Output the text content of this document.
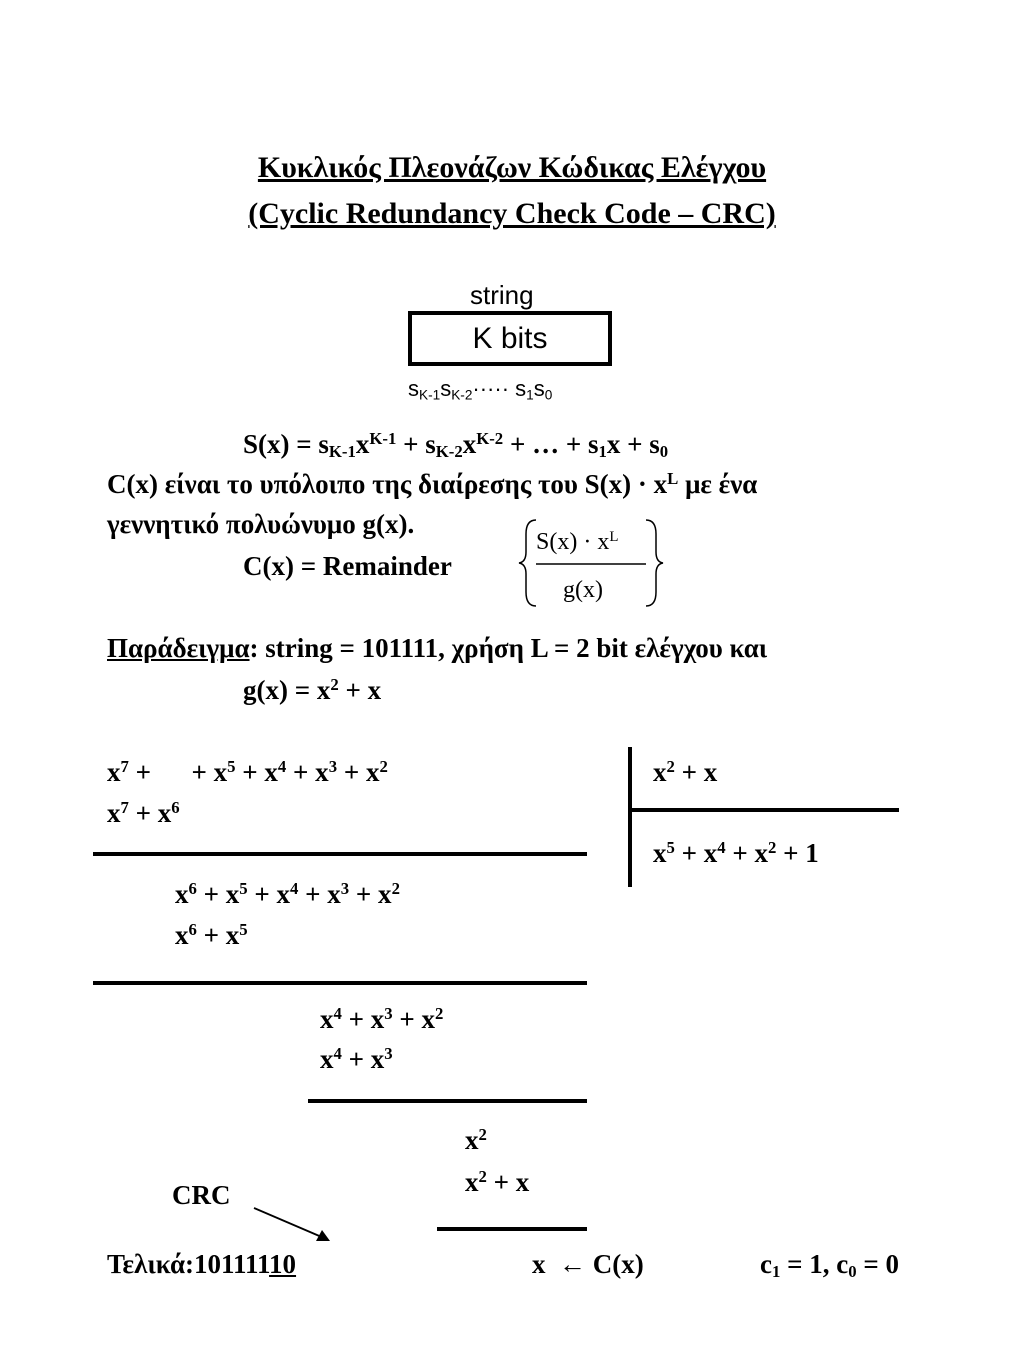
Κυκλικός Πλεονάζων Κώδικας Ελέγχου
(Cyclic Redundancy Check Code – CRC)
string
K bits
$s_{K-1}s_{K-2}\cdot\cdot\cdot\cdot\cdot s_1s_0$
$S(x) = s_{K-1}x^{K-1} + s_{K-2}x^{K-2}$ + … + $s_1x + s_0$
C(x) είναι το υπόλοιπο της διαίρεσης του $S(x) \cdot x^L$ με ένα
γεννητικό πολυώνυμο g(x).
C(x) = Remainder
$S(x) \cdot x^L$
g(x)
Παράδειγμα: string = 101111, χρήση L = 2 bit ελέγχου και
$g(x) = x^2 + x$
$x^7$ +      + $x^5 + x^4 + x^3 + x^2$
$x^7 + x^6$
$x^6 + x^5 + x^4 + x^3 + x^2$
$x^6 + x^5$
$x^4 + x^3 + x^2$
$x^4 + x^3$
$x^2$
$x^2 + x$
$x^2 + x$
$x^5 + x^4 + x^2 + 1$
CRC
Τελικά:10111110	x ← C(x)	$c_1 = 1$, $c_0 = 0$
